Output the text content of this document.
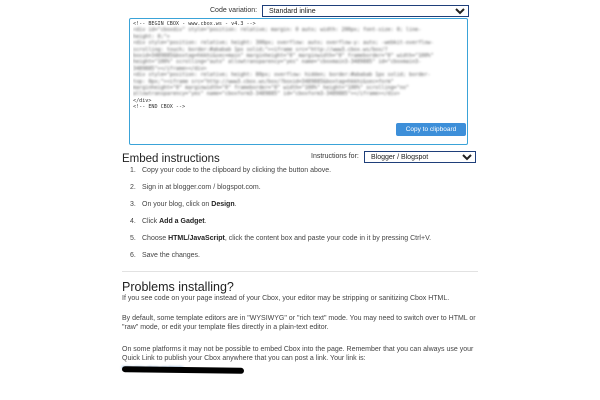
Code variation:
Standard inline
<!-- BEGIN CBOX - www.cbox.ws - v4.3 -->
<div id="cboxdiv" style="position: relative; margin: 0 auto; width: 200px; font-size: 0; line-
height: 0;">
<div style="position: relative; height: 300px; overflow: auto; overflow-y: auto; -webkit-overflow-
scrolling: touch; border:#ababab 1px solid;"><iframe src="http://www3.cbox.ws/box/?
boxid=3489885&boxtag=hkkhi&sec=main" marginheight="0" marginwidth="0" frameborder="0" width="100%"
height="100%" scrolling="auto" allowtransparency="yes" name="cboxmain3-3489885" id="cboxmain3-
3489885"></iframe></div>
<div style="position: relative; height: 80px; overflow: hidden; border:#ababab 1px solid; border-
top: 0px;"><iframe src="http://www3.cbox.ws/box/?boxid=3489885&boxtag=hkkhi&sec=form"
marginheight="0" marginwidth="0" frameborder="0" width="100%" height="100%" scrolling="no"
allowtransparency="yes" name="cboxform3-3489885" id="cboxform3-3489885"></iframe></div>
</div>
<!-- END CBOX -->
Copy to clipboard
Embed instructions	Instructions for:
Blogger / Blogspot
1. Copy your code to the clipboard by clicking the button above.
2. Sign in at blogger.com / blogspot.com.
3. On your blog, click on Design.
4. Click Add a Gadget.
5. Choose HTML/JavaScript, click the content box and paste your code in it by pressing Ctrl+V.
6. Save the changes.
Problems installing?
If you see code on your page instead of your Cbox, your editor may be stripping or sanitizing Cbox HTML.
By default, some template editors are in "WYSIWYG" or "rich text" mode. You may need to switch over to HTML or "raw" mode, or edit your template files directly in a plain-text editor.
On some platforms it may not be possible to embed Cbox into the page. Remember that you can always use your Quick Link to publish your Cbox anywhere that you can post a link. Your link is:
